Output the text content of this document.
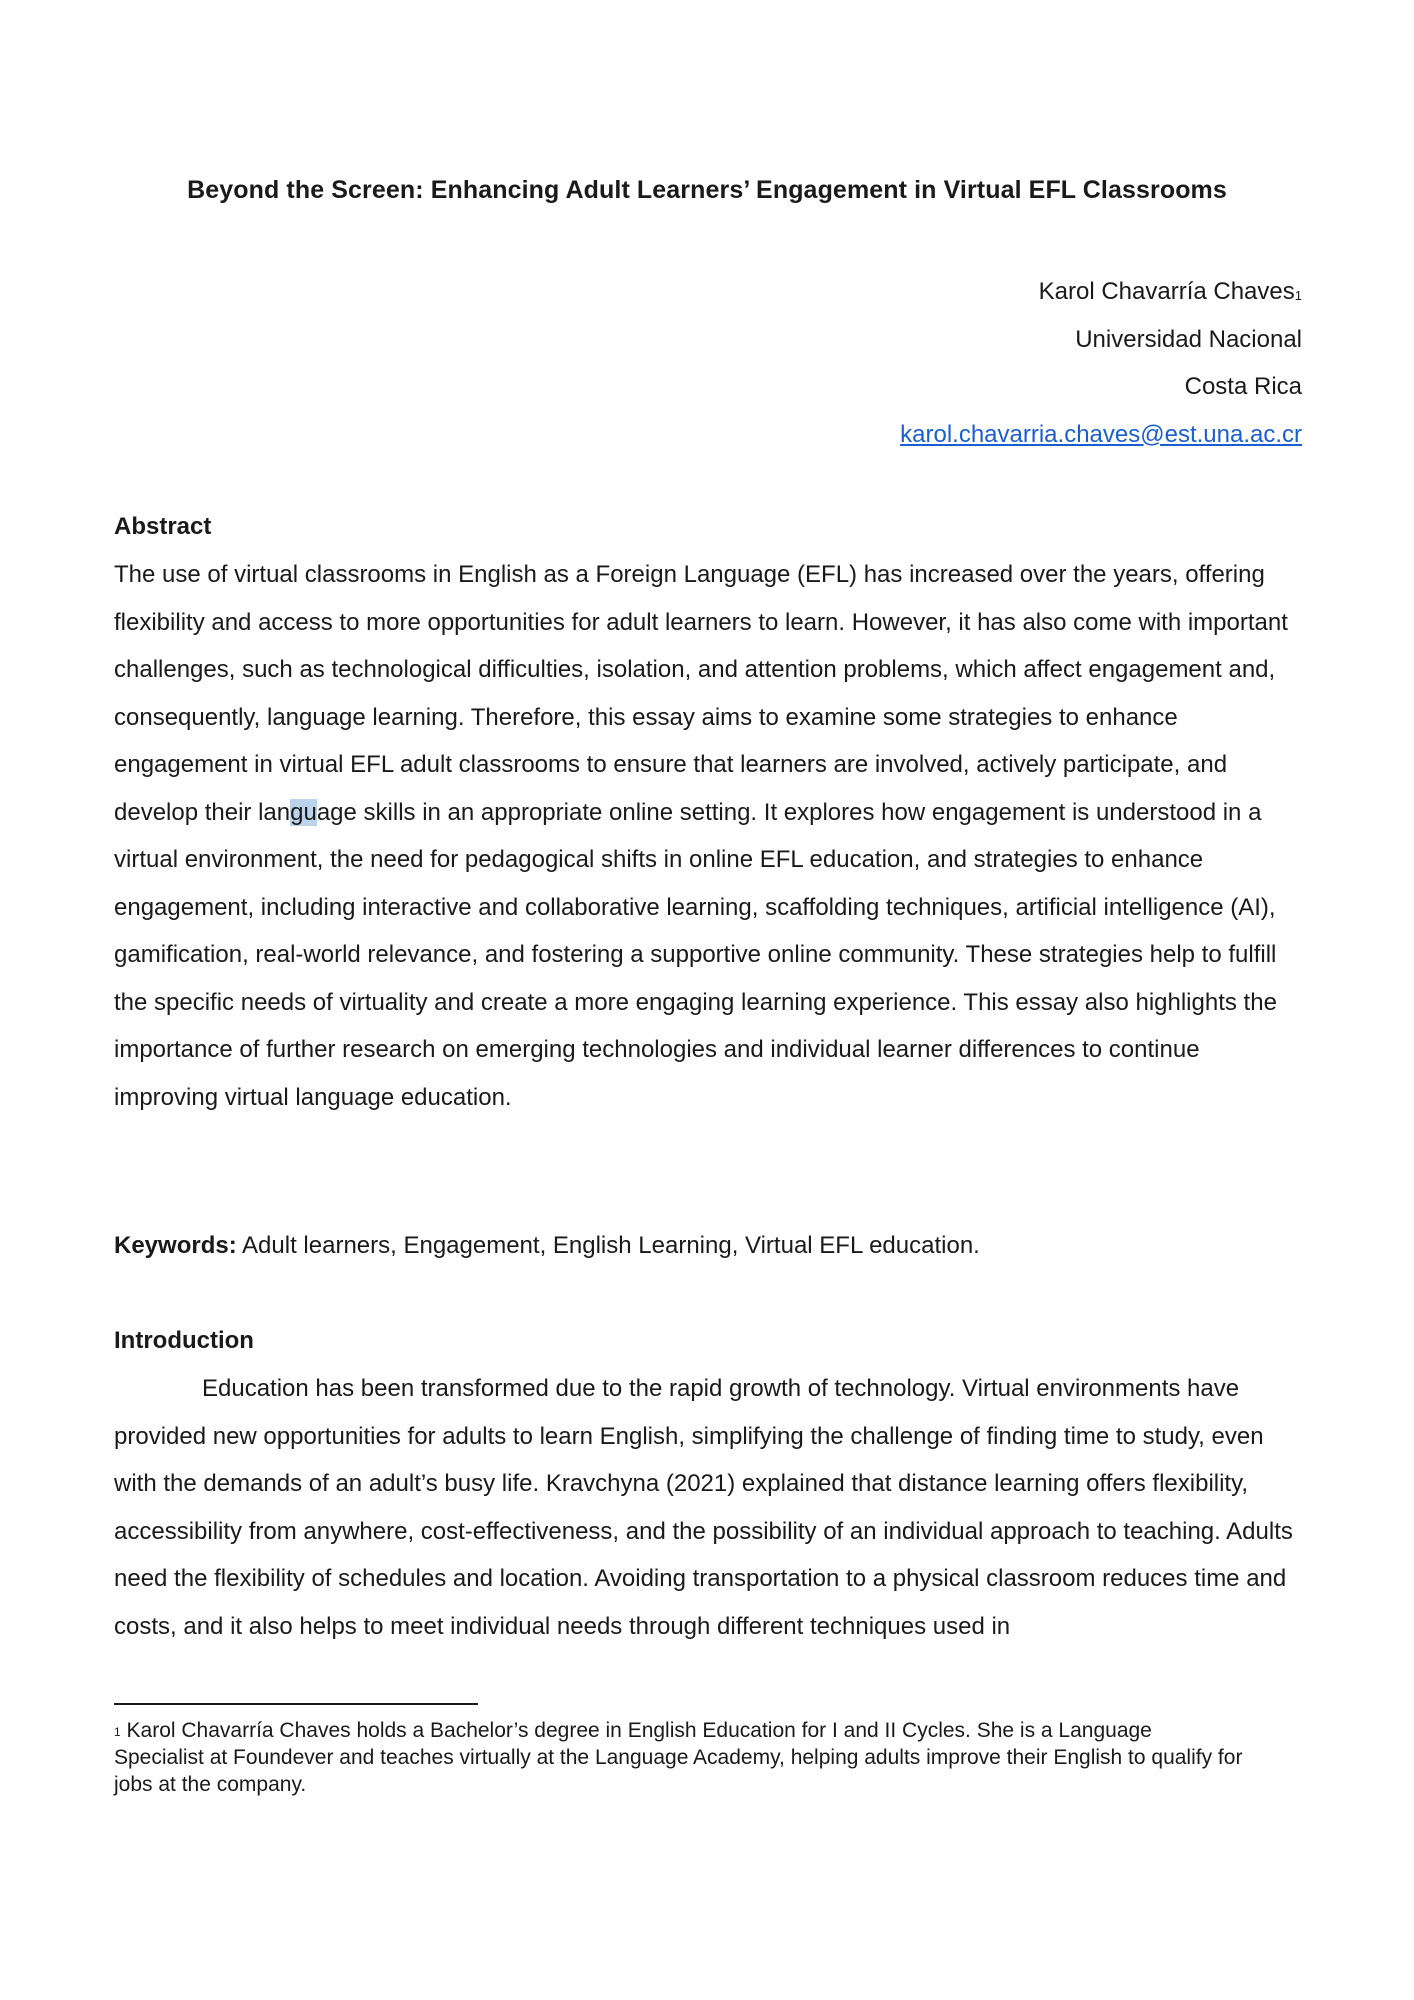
Beyond the Screen: Enhancing Adult Learners’ Engagement in Virtual EFL Classrooms
Karol Chavarría Chaves$^1$
Universidad Nacional
Costa Rica
karol.chavarria.chaves@est.una.ac.cr
Abstract
The use of virtual classrooms in English as a Foreign Language (EFL) has increased over the years, offering flexibility and access to more opportunities for adult learners to learn. However, it has also come with important challenges, such as technological difficulties, isolation, and attention problems, which affect engagement and, consequently, language learning. Therefore, this essay aims to examine some strategies to enhance engagement in virtual EFL adult classrooms to ensure that learners are involved, actively participate, and develop their language skills in an appropriate online setting. It explores how engagement is understood in a virtual environment, the need for pedagogical shifts in online EFL education, and strategies to enhance engagement, including interactive and collaborative learning, scaffolding techniques, artificial intelligence (AI), gamification, real-world relevance, and fostering a supportive online community. These strategies help to fulfill the specific needs of virtuality and create a more engaging learning experience. This essay also highlights the importance of further research on emerging technologies and individual learner differences to continue improving virtual language education.
Keywords: Adult learners, Engagement, English Learning, Virtual EFL education.
Introduction
Education has been transformed due to the rapid growth of technology. Virtual environments have provided new opportunities for adults to learn English, simplifying the challenge of finding time to study, even with the demands of an adult’s busy life. Kravchyna (2021) explained that distance learning offers flexibility, accessibility from anywhere, cost-effectiveness, and the possibility of an individual approach to teaching. Adults need the flexibility of schedules and location. Avoiding transportation to a physical classroom reduces time and costs, and it also helps to meet individual needs through different techniques used in
$^1$ Karol Chavarría Chaves holds a Bachelor’s degree in English Education for I and II Cycles. She is a Language Specialist at Foundever and teaches virtually at the Language Academy, helping adults improve their English to qualify for jobs at the company.
